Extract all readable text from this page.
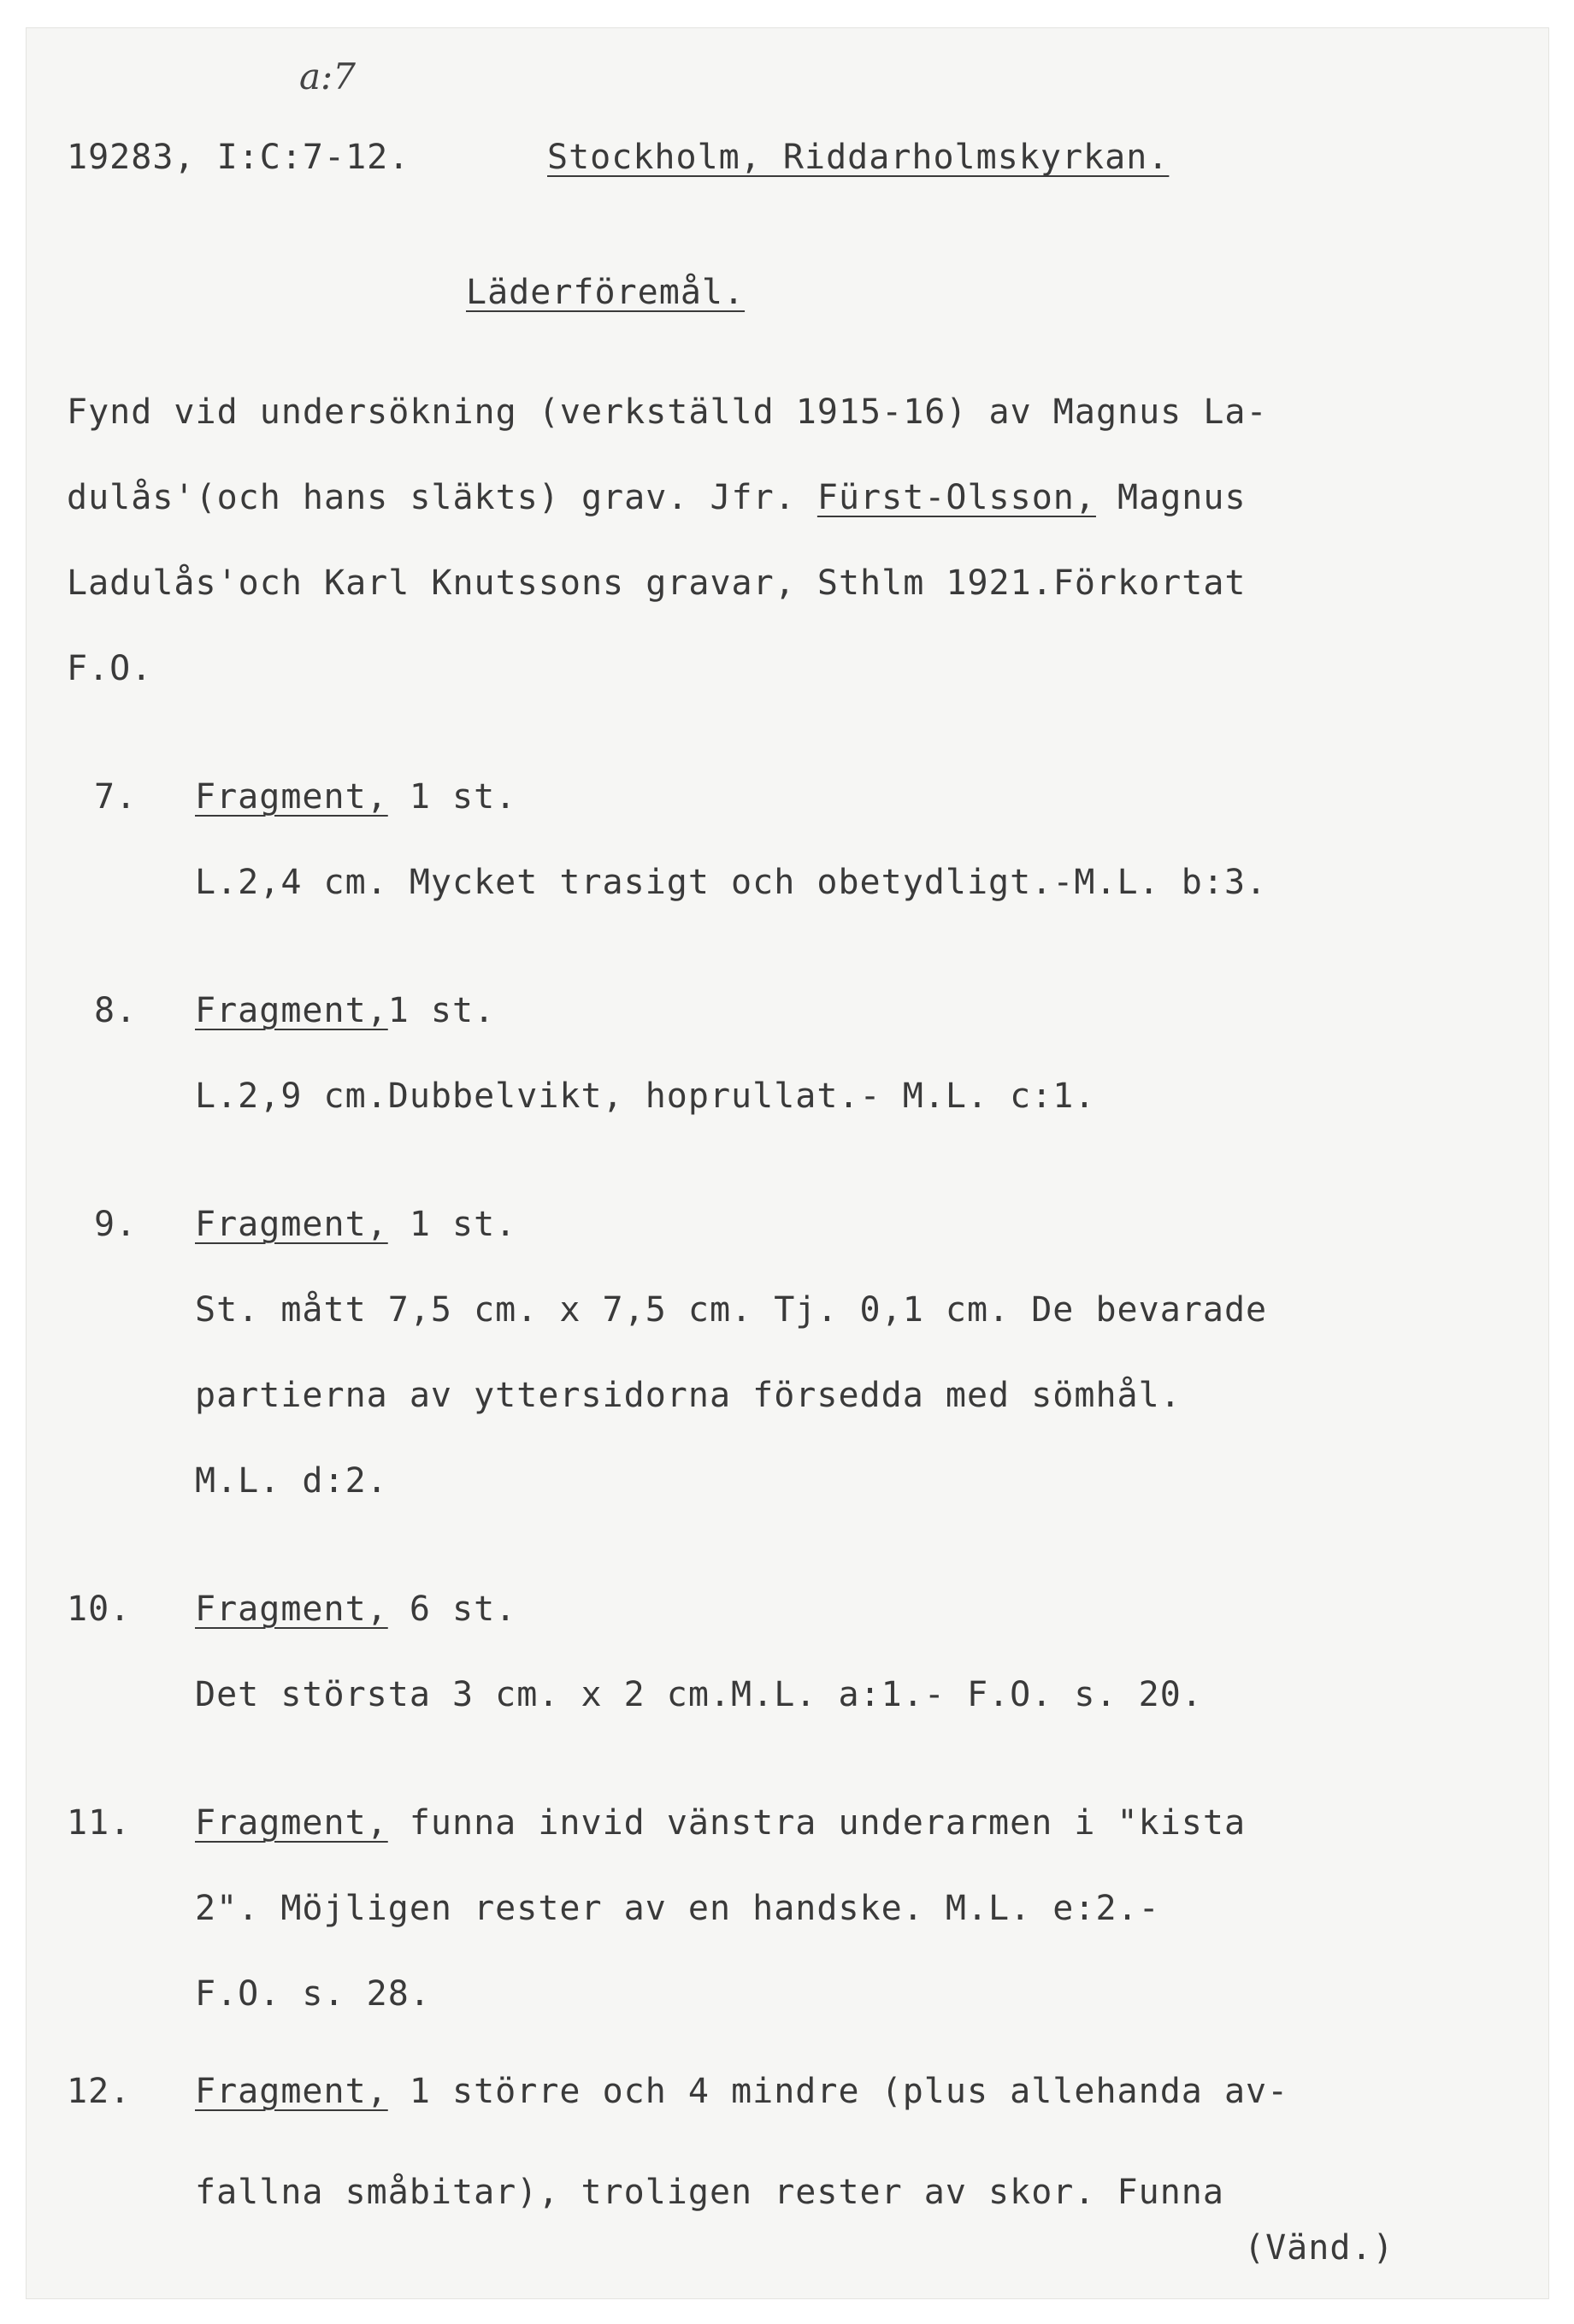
a:7
19283, I:C:7-12.	Stockholm, Riddarholmskyrkan.
Läderföremål.
Fynd vid undersökning (verkställd 1915-16) av Magnus La-
dulås'(och hans släkts) grav. Jfr. Fürst-Olsson, Magnus
Ladulås'och Karl Knutssons gravar, Sthlm 1921.Förkortat
F.O.
7. Fragment, 1 st.
L.2,4 cm. Mycket trasigt och obetydligt.-M.L. b:3.
8. Fragment,1 st.
L.2,9 cm.Dubbelvikt, hoprullat.- M.L. c:1.
9. Fragment, 1 st.
St. mått 7,5 cm. x 7,5 cm. Tj. 0,1 cm. De bevarade
partierna av yttersidorna försedda med sömhål.
M.L. d:2.
10. Fragment, 6 st.
Det största 3 cm. x 2 cm.M.L. a:1.- F.O. s. 20.
11. Fragment, funna invid vänstra underarmen i "kista
2". Möjligen rester av en handske. M.L. e:2.-
F.O. s. 28.
12. Fragment, 1 större och 4 mindre (plus allehanda av-
fallna småbitar), troligen rester av skor. Funna
(Vänd.)
